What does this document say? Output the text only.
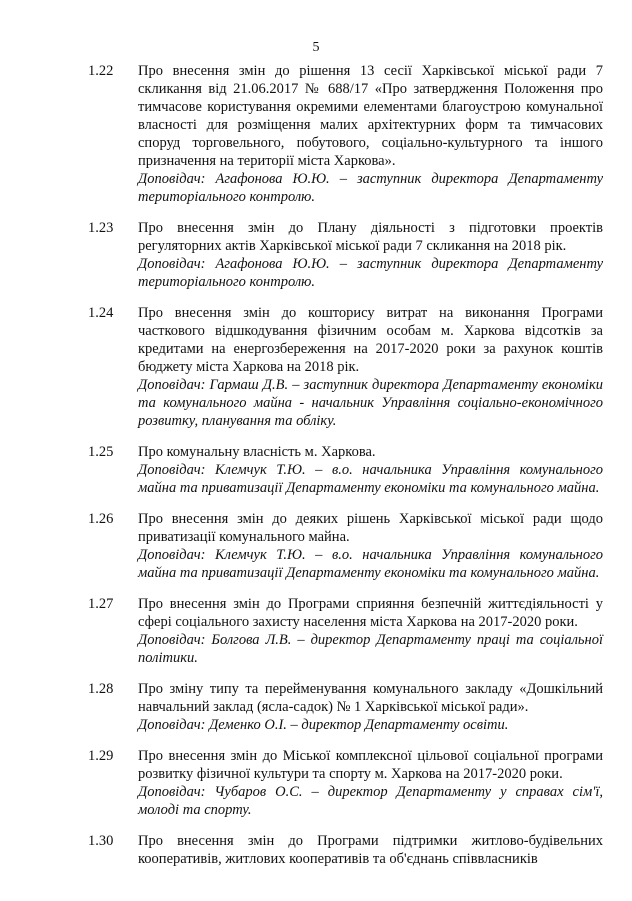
5
1.22 Про внесення змін до рішення 13 сесії Харківської міської ради 7 скликання від 21.06.2017 № 688/17 «Про затвердження Положення про тимчасове користування окремими елементами благоустрою комунальної власності для розміщення малих архітектурних форм та тимчасових споруд торговельного, побутового, соціально-культурного та іншого призначення на території міста Харкова».

Доповідач: Агафонова Ю.Ю. – заступник директора Департаменту територіального контролю.

1.23 Про внесення змін до Плану діяльності з підготовки проектів регуляторних актів Харківської міської ради 7 скликання на 2018 рік.

Доповідач: Агафонова Ю.Ю. – заступник директора Департаменту територіального контролю.

1.24 Про внесення змін до кошторису витрат на виконання Програми часткового відшкодування фізичним особам м. Харкова відсотків за кредитами на енергозбереження на 2017-2020 роки за рахунок коштів бюджету міста Харкова на 2018 рік.

Доповідач: Гармаш Д.В. – заступник директора Департаменту економіки та комунального майна - начальник Управління соціально-економічного розвитку, планування та обліку.

1.25 Про комунальну власність м. Харкова.

Доповідач: Клемчук Т.Ю. – в.о. начальника Управління комунального майна та приватизації Департаменту економіки та комунального майна.

1.26 Про внесення змін до деяких рішень Харківської міської ради щодо приватизації комунального майна.

Доповідач: Клемчук Т.Ю. – в.о. начальника Управління комунального майна та приватизації Департаменту економіки та комунального майна.

1.27 Про внесення змін до Програми сприяння безпечній життєдіяльності у сфері соціального захисту населення міста Харкова на 2017-2020 роки.

Доповідач: Болгова Л.В. – директор Департаменту праці та соціальної політики.

1.28 Про зміну типу та перейменування комунального закладу «Дошкільний навчальний заклад (ясла-садок) № 1 Харківської міської ради».

Доповідач: Деменко О.І. – директор Департаменту освіти.

1.29 Про внесення змін до Міської комплексної цільової соціальної програми розвитку фізичної культури та спорту м. Харкова на 2017-2020 роки.

Доповідач: Чубаров О.С. – директор Департаменту у справах сім'ї, молоді та спорту.

1.30 Про внесення змін до Програми підтримки житлово-будівельних кооперативів, житлових кооперативів та об'єднань співвласників
